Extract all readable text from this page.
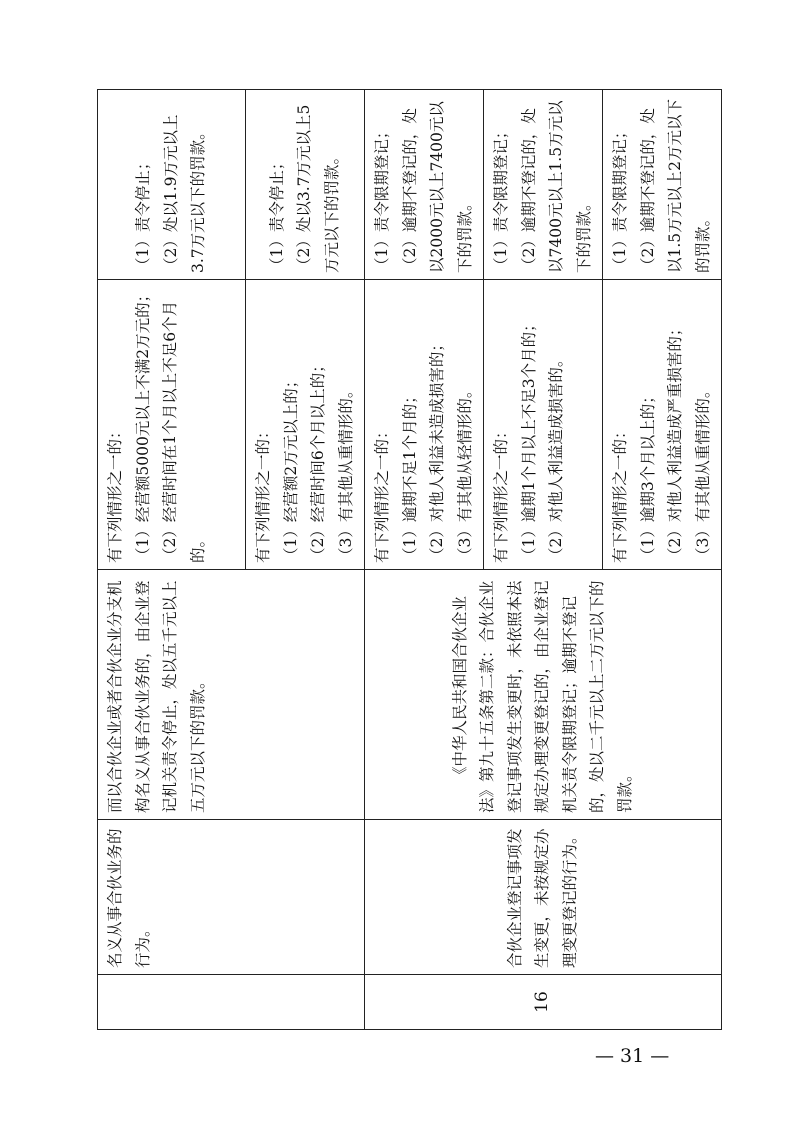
	名义从事合伙业务的行为。	而以合伙企业或者合伙企业分支机构名义从事合伙业务的，由企业登记机关责令停止，处以五千元以上五万元以下的罚款。	有下列情形之一的： （1）经营额5000元以上不满2万元的； （2）经营时间在1个月以上不足6个月的。	（1）责令停止； （2）处以1.9万元以上3.7万元以下的罚款。

			有下列情形之一的： （1）经营额2万元以上的； （2）经营时间6个月以上的； （3）有其他从重情形的。	（1）责令停止； （2）处以3.7万元以上5万元以下的罚款。

16	合伙企业登记事项发生变更，未按规定办理变更登记的行为。	《中华人民共和国合伙企业法》第九十五条第二款：合伙企业登记事项发生变更时，未依照本法规定办理变更登记的，由企业登记机关责令限期登记；逾期不登记的，处以二千元以上二万元以下的罚款。	有下列情形之一的： （1）逾期不足1个月的； （2）对他人利益未造成损害的； （3）有其他从轻情形的。	（1）责令限期登记； （2）逾期不登记的，处以2000元以上7400元以下的罚款。

			有下列情形之一的： （1）逾期1个月以上不足3个月的； （2）对他人利益造成损害的。	（1）责令限期登记； （2）逾期不登记的，处以7400元以上1.5万元以下的罚款。

			有下列情形之一的： （1）逾期3个月以上的； （2）对他人利益造成严重损害的； （3）有其他从重情形的。	（1）责令限期登记； （2）逾期不登记的，处以1.5万元以上2万元以下的罚款。
— 31 —
